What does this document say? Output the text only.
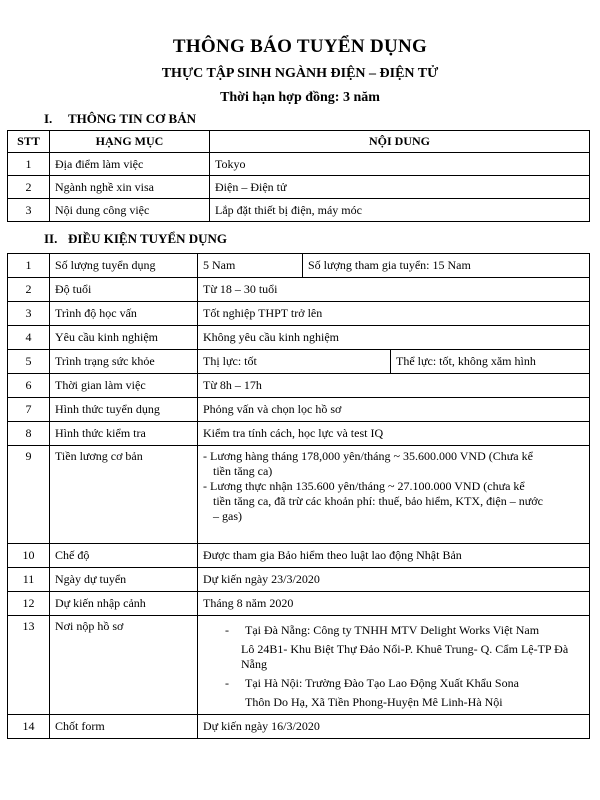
THÔNG BÁO TUYỂN DỤNG
THỰC TẬP SINH NGÀNH ĐIỆN – ĐIỆN TỬ
Thời hạn hợp đồng: 3 năm
I. THÔNG TIN CƠ BẢN
STT	HẠNG MỤC	NỘI DUNG
1	Địa điểm làm việc	Tokyo
2	Ngành nghề xin visa	Điện – Điện tử
3	Nội dung công việc	Lắp đặt thiết bị điện, máy móc
II. ĐIỀU KIỆN TUYỂN DỤNG
1	Số lượng tuyển dụng	5 Nam	Số lượng tham gia tuyển: 15 Nam	
2	Độ tuổi	Từ 18 – 30 tuổi		
3	Trình độ học vấn	Tốt nghiệp THPT trở lên		
4	Yêu cầu kinh nghiệm	Không yêu cầu kinh nghiệm		
5	Trình trạng sức khỏe	Thị lực: tốt		Thể lực: tốt, không xăm hình
6	Thời gian làm việc	Từ 8h – 17h		
7	Hình thức tuyển dụng	Phỏng vấn và chọn lọc hồ sơ		
8	Hình thức kiểm tra	Kiểm tra tính cách, học lực và test IQ		
9	Tiền lương cơ bản	- Lương hàng tháng 178,000 yên/tháng ~ 35.600.000 VND (Chưa kể
tiền tăng ca)
- Lương thực nhận 135.600 yên/tháng ~ 27.100.000 VND (chưa kể
tiền tăng ca, đã trừ các khoản phí: thuế, bảo hiểm, KTX, điện – nước
– gas)		

10	Chế độ	Được tham gia Bảo hiểm theo luật lao động Nhật Bản		
11	Ngày dự tuyển	Dự kiến ngày 23/3/2020		
12	Dự kiến nhập cảnh	Tháng 8 năm 2020		
13	Nơi nộp hồ sơ	- Tại Đà Nẵng: Công ty TNHH MTV Delight Works Việt Nam
Lô 24B1- Khu Biệt Thự Đảo Nổi-P. Khuê Trung- Q. Cẩm Lệ-TP Đà Nẵng
- Tại Hà Nội: Trường Đào Tạo Lao Động Xuất Khẩu Sona
Thôn Do Hạ, Xã Tiền Phong-Huyện Mê Linh-Hà Nội		

14	Chốt form	Dự kiến ngày 16/3/2020		
